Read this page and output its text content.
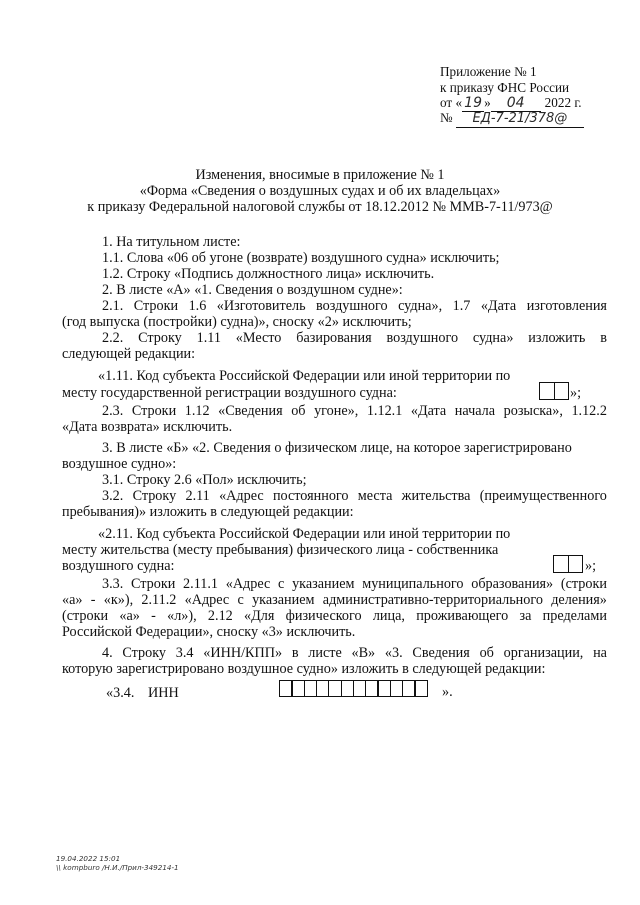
Приложение № 1
к приказу ФНС России
от « 19 » 04 2022 г.
№ ЕД-7-21/378@
Изменения, вносимые в приложение № 1
«Форма «Сведения о воздушных судах и об их владельцах»
к приказу Федеральной налоговой службы от 18.12.2012 № ММВ-7-11/973@
1. На титульном листе:
1.1. Слова «06 об угоне (возврате) воздушного судна» исключить;
1.2. Строку «Подпись должностного лица» исключить.
2. В листе «А» «1. Сведения о воздушном судне»:
2.1. Строки 1.6 «Изготовитель воздушного судна», 1.7 «Дата изготовления
(год выпуска (постройки) судна)», сноску «2» исключить;
2.2. Строку 1.11 «Место базирования воздушного судна» изложить в
следующей редакции:
«1.11. Код субъекта Российской Федерации или иной территории по
месту государственной регистрации воздушного судна:	»;
2.3. Строки 1.12 «Сведения об угоне», 1.12.1 «Дата начала розыска», 1.12.2
«Дата возврата» исключить.
3. В листе «Б» «2. Сведения о физическом лице, на которое зарегистрировано
воздушное судно»:
3.1. Строку 2.6 «Пол» исключить;
3.2. Строку 2.11 «Адрес постоянного места жительства (преимущественного
пребывания)» изложить в следующей редакции:
«2.11. Код субъекта Российской Федерации или иной территории по
месту жительства (месту пребывания) физического лица - собственника
воздушного судна:	»;
3.3. Строки 2.11.1 «Адрес с указанием муниципального образования» (строки
«а» - «к»), 2.11.2 «Адрес с указанием административно-территориального деления»
(строки «а» - «л»), 2.12 «Для физического лица, проживающего за пределами
Российской Федерации», сноску «3» исключить.
4. Строку 3.4 «ИНН/КПП» в листе «В» «3. Сведения об организации, на
которую зарегистрировано воздушное судно» изложить в следующей редакции:
«3.4. ИНН	».
19.04.2022 15:01
\\ kompburo /Н.И./Прил-349214-1
